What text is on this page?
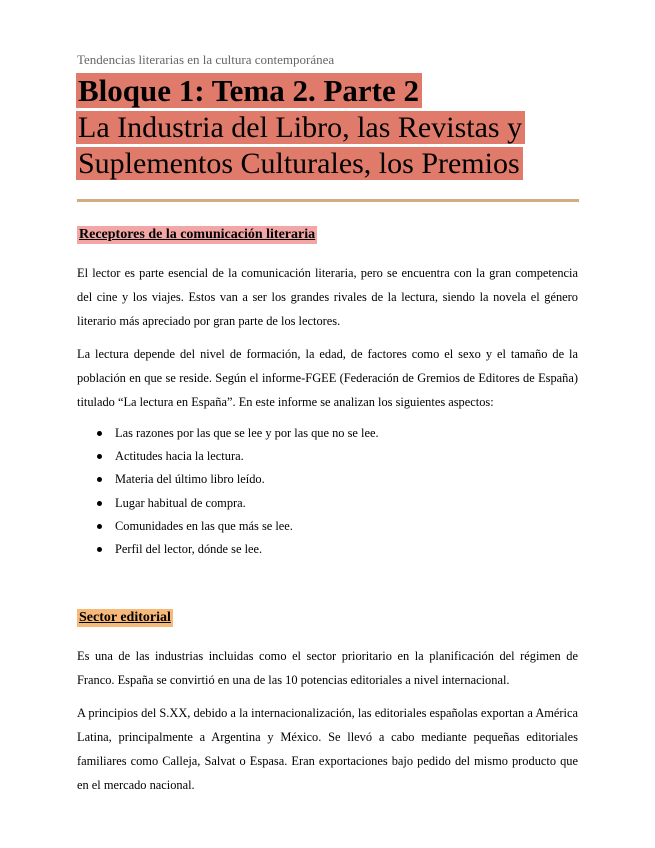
Tendencias literarias en la cultura contemporánea
Bloque 1: Tema 2. Parte 2
La Industria del Libro, las Revistas y
Suplementos Culturales, los Premios
Receptores de la comunicación literaria

El lector es parte esencial de la comunicación literaria, pero se encuentra con la gran competencia del cine y los viajes. Estos van a ser los grandes rivales de la lectura, siendo la novela el género literario más apreciado por gran parte de los lectores.

La lectura depende del nivel de formación, la edad, de factores como el sexo y el tamaño de la población en que se reside. Según el informe-FGEE (Federación de Gremios de Editores de España) titulado “La lectura en España”. En este informe se analizan los siguientes aspectos:

Las razones por las que se lee y por las que no se lee.
Actitudes hacia la lectura.
Materia del último libro leído.
Lugar habitual de compra.
Comunidades en las que más se lee.
Perfil del lector, dónde se lee.
Sector editorial

Es una de las industrias incluidas como el sector prioritario en la planificación del régimen de Franco. España se convirtió en una de las 10 potencias editoriales a nivel internacional.

A principios del S.XX, debido a la internacionalización, las editoriales españolas exportan a América Latina, principalmente a Argentina y México. Se llevó a cabo mediante pequeñas editoriales familiares como Calleja, Salvat o Espasa. Eran exportaciones bajo pedido del mismo producto que en el mercado nacional.
